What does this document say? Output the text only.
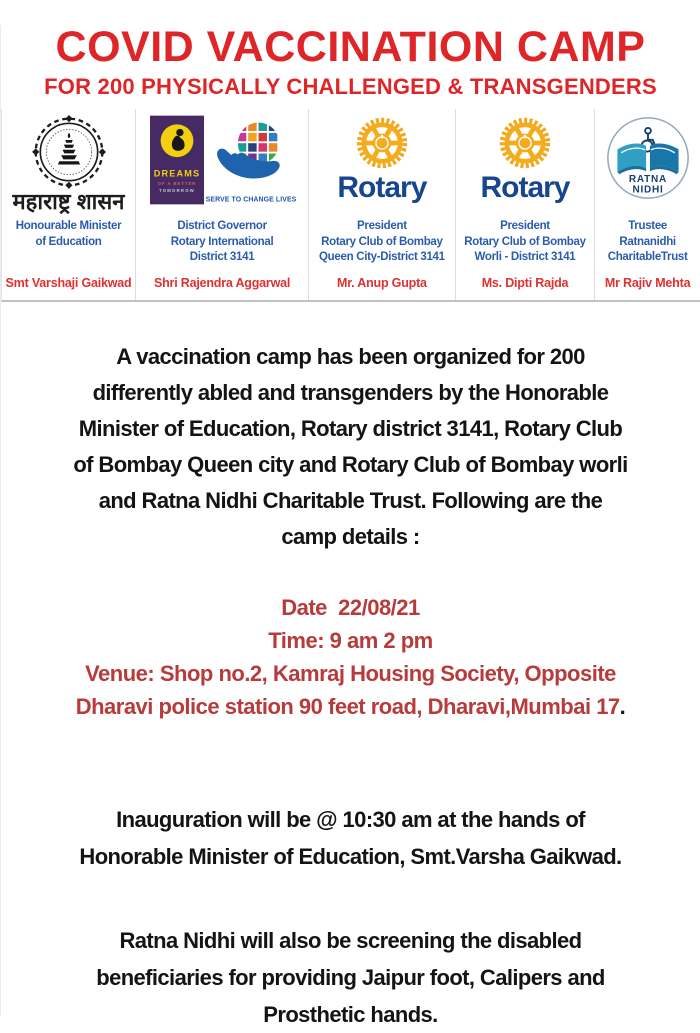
COVID VACCINATION CAMP
FOR 200 PHYSICALLY CHALLENGED & TRANSGENDERS
महाराष्ट्र शासन
Honourable Minister
of Education
Smt Varshaji Gaikwad
DREAMS
OF A BETTER
TOMORROW
SERVE TO CHANGE LIVES
District Governor
Rotary International
District 3141
Shri Rajendra Aggarwal
Rotary
President
Rotary Club of Bombay
Queen City-District 3141
Mr. Anup Gupta
Rotary
President
Rotary Club of Bombay
Worli - District 3141
Ms. Dipti Rajda
RATNA
NIDHI
Trustee
Ratnanidhi
CharitableTrust
Mr Rajiv Mehta
A vaccination camp has been organized for 200
differently abled and transgenders by the Honorable
Minister of Education, Rotary district 3141, Rotary Club
of Bombay Queen city and Rotary Club of Bombay worli
and Ratna Nidhi Charitable Trust. Following are the
camp details :
Date  22/08/21
Time: 9 am 2 pm
Venue: Shop no.2, Kamraj Housing Society, Opposite
Dharavi police station 90 feet road, Dharavi,Mumbai 17.
Inauguration will be @ 10:30 am at the hands of
Honorable Minister of Education, Smt.Varsha Gaikwad.
Ratna Nidhi will also be screening the disabled
beneficiaries for providing Jaipur foot, Calipers and
Prosthetic hands.
